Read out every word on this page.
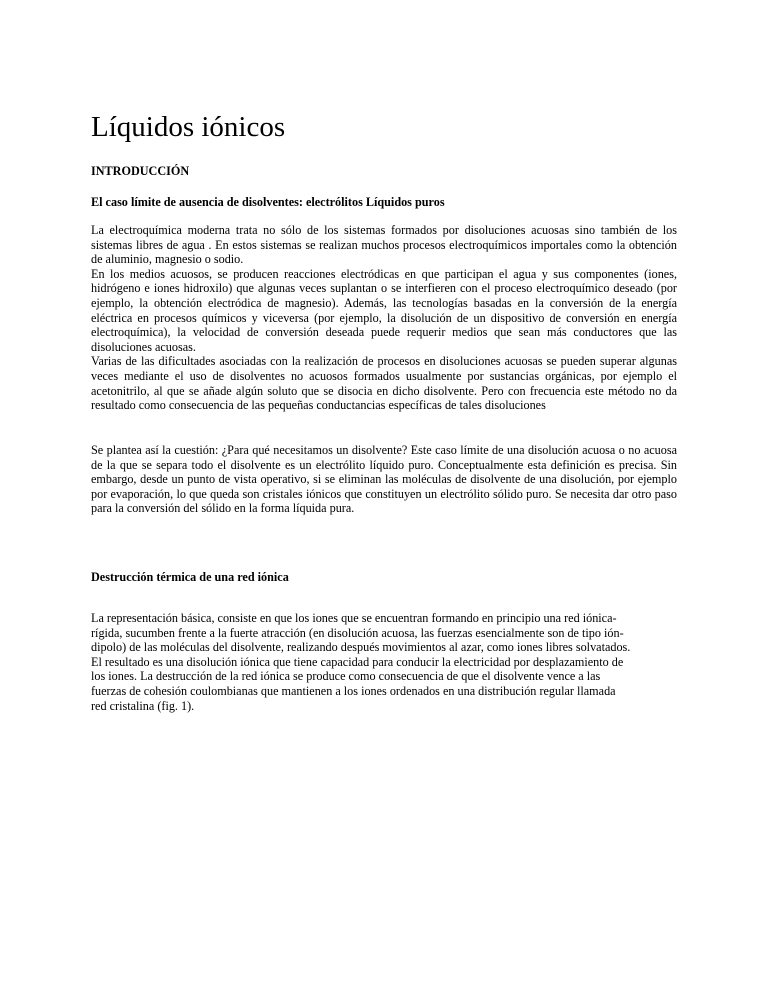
Líquidos iónicos
INTRODUCCIÓN
El caso límite de ausencia de disolventes: electrólitos Líquidos puros

La electroquímica moderna trata no sólo de los sistemas formados por disoluciones acuosas sino también de los sistemas libres de agua . En estos sistemas se realizan muchos procesos electroquímicos importales como la obtención de aluminio, magnesio o sodio.

En los medios acuosos, se producen reacciones electródicas en que participan el agua y sus componentes (iones, hidrógeno e iones hidroxilo) que algunas veces suplantan o se interfieren con el proceso electroquímico deseado (por ejemplo, la obtención electródica de magnesio). Además, las tecnologías basadas en la conversión de la energía eléctrica en procesos químicos y viceversa (por ejemplo, la disolución de un dispositivo de conversión en energía electroquímica), la velocidad de conversión deseada puede requerir medios que sean más conductores que las disoluciones acuosas.

Varias de las dificultades asociadas con la realización de procesos en disoluciones acuosas se pueden superar algunas veces mediante el uso de disolventes no acuosos formados usualmente por sustancias orgánicas, por ejemplo el acetonitrilo, al que se añade algún soluto que se disocia en dicho disolvente. Pero con frecuencia este método no da resultado como consecuencia de las pequeñas conductancias específicas de tales disoluciones

Se plantea así la cuestión: ¿Para qué necesitamos un disolvente? Este caso límite de una disolución acuosa o no acuosa de la que se separa todo el disolvente es un electrólito líquido puro. Conceptualmente esta definición es precisa. Sin embargo, desde un punto de vista operativo, si se eliminan las moléculas de disolvente de una disolución, por ejemplo por evaporación, lo que queda son cristales iónicos que constituyen un electrólito sólido puro. Se necesita dar otro paso para la conversión del sólido en la forma líquida pura.

Destrucción térmica de una red iónica

La representación básica, consiste en que los iones que se encuentran formando en principio una red iónica-rígida, sucumben frente a la fuerte atracción (en disolución acuosa, las fuerzas esencialmente son de tipo ión-dipolo) de las moléculas del disolvente, realizando después movimientos al azar, como iones libres solvatados. El resultado es una disolución iónica que tiene capacidad para conducir la electricidad por desplazamiento de los iones. La destrucción de la red iónica se produce como consecuencia de que el disolvente vence a las fuerzas de cohesión coulombianas que mantienen a los iones ordenados en una distribución regular llamada red cristalina (fig. 1).
